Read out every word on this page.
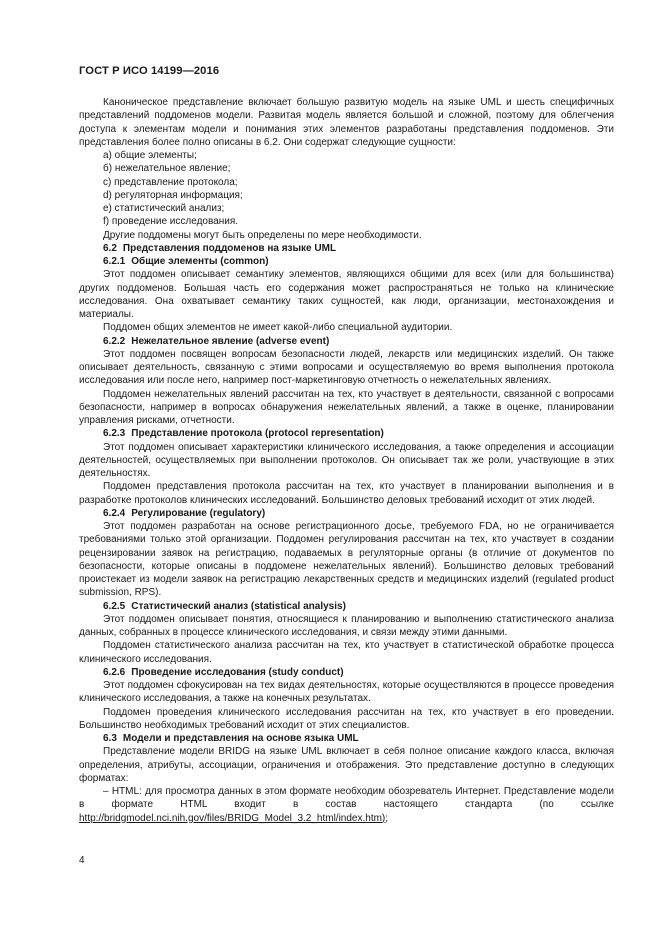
ГОСТ Р ИСО 14199—2016

Каноническое представление включает большую развитую модель на языке UML и шесть специфичных представлений поддоменов модели. Развитая модель является большой и сложной, поэтому для облегчения доступа к элементам модели и понимания этих элементов разработаны представления поддоменов. Эти представления более полно описаны в 6.2. Они содержат следующие сущности:

а) общие элементы;

б) нежелательное явление;

с) представление протокола;

d) регуляторная информация;

е) статистический анализ;

f) проведение исследования.

Другие поддомены могут быть определены по мере необходимости.

6.2 Представления поддоменов на языке UML

6.2.1 Общие элементы (common)

Этот поддомен описывает семантику элементов, являющихся общими для всех (или для большинства) других поддоменов. Большая часть его содержания может распространяться не только на клинические исследования. Она охватывает семантику таких сущностей, как люди, организации, местонахождения и материалы.

Поддомен общих элементов не имеет какой-либо специальной аудитории.

6.2.2 Нежелательное явление (adverse event)

Этот поддомен посвящен вопросам безопасности людей, лекарств или медицинских изделий. Он также описывает деятельность, связанную с этими вопросами и осуществляемую во время выполнения протокола исследования или после него, например пост-маркетинговую отчетность о нежелательных явлениях.

Поддомен нежелательных явлений рассчитан на тех, кто участвует в деятельности, связанной с вопросами безопасности, например в вопросах обнаружения нежелательных явлений, а также в оценке, планировании управления рисками, отчетности.

6.2.3 Представление протокола (protocol representation)

Этот поддомен описывает характеристики клинического исследования, а также определения и ассоциации деятельностей, осуществляемых при выполнении протоколов. Он описывает так же роли, участвующие в этих деятельностях.

Поддомен представления протокола рассчитан на тех, кто участвует в планировании выполнения и в разработке протоколов клинических исследований. Большинство деловых требований исходит от этих людей.

6.2.4 Регулирование (regulatory)

Этот поддомен разработан на основе регистрационного досье, требуемого FDA, но не ограничивается требованиями только этой организации. Поддомен регулирования рассчитан на тех, кто участвует в создании рецензировании заявок на регистрацию, подаваемых в регуляторные органы (в отличие от документов по безопасности, которые описаны в поддомене нежелательных явлений). Большинство деловых требований проистекает из модели заявок на регистрацию лекарственных средств и медицинских изделий (regulated product submission, RPS).

6.2.5 Статистический анализ (statistical analysis)

Этот поддомен описывает понятия, относящиеся к планированию и выполнению статистического анализа данных, собранных в процессе клинического исследования, и связи между этими данными.

Поддомен статистического анализа рассчитан на тех, кто участвует в статистической обработке процесса клинического исследования.

6.2.6 Проведение исследования (study conduct)

Этот поддомен сфокусирован на тех видах деятельностях, которые осуществляются в процессе проведения клинического исследования, а также на конечных результатах.

Поддомен проведения клинического исследования рассчитан на тех, кто участвует в его проведении. Большинство необходимых требований исходит от этих специалистов.

6.3 Модели и представления на основе языка UML

Представление модели BRIDG на языке UML включает в себя полное описание каждого класса, включая определения, атрибуты, ассоциации, ограничения и отображения. Это представление доступно в следующих форматах:

– HTML: для просмотра данных в этом формате необходим обозреватель Интернет. Представление модели в формате HTML входит в состав настоящего стандарта (по ссылке http://bridgmodel.nci.nih.gov/files/BRIDG_Model_3.2_html/index.htm);

4
